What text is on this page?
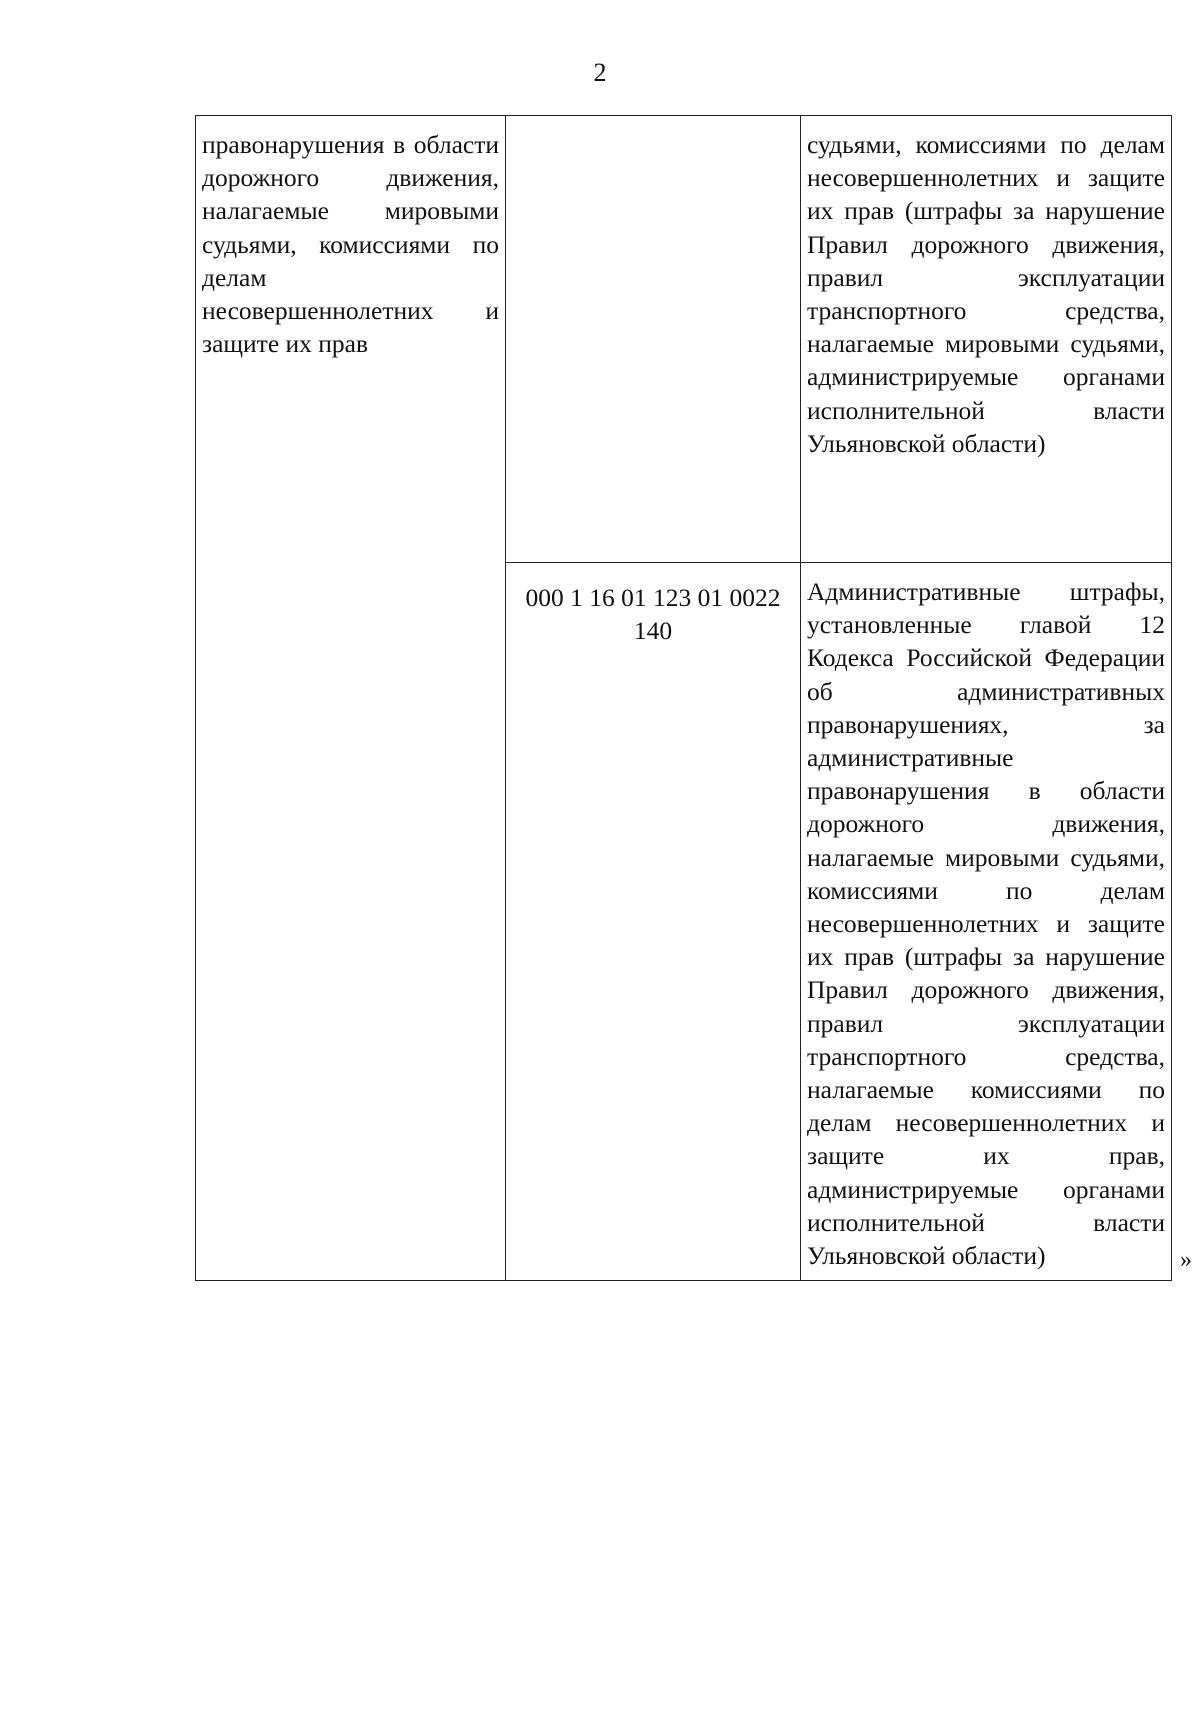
2
правонарушения в области дорожного движения, налагаемые мировыми судьями, комиссиями по делам несовершеннолетних и защите их прав		судьями, комиссиями по делам несовершеннолетних и защите их прав (штрафы за нарушение Правил дорожного движения, правил эксплуатации транспортного средства, налагаемые мировыми судьями, администрируемые органами исполнительной власти Ульяновской области)
	000 1 16 01 123 01 0022 140	Административные штрафы, установленные главой 12 Кодекса Российской Федерации об административных правонарушениях, за административные правонарушения в области дорожного движения, налагаемые мировыми судьями, комиссиями по делам несовершеннолетних и защите их прав (штрафы за нарушение Правил дорожного движения, правил эксплуатации транспортного средства, налагаемые комиссиями по делам несовершеннолетних и защите их прав, администрируемые органами исполнительной власти Ульяновской области)	»
